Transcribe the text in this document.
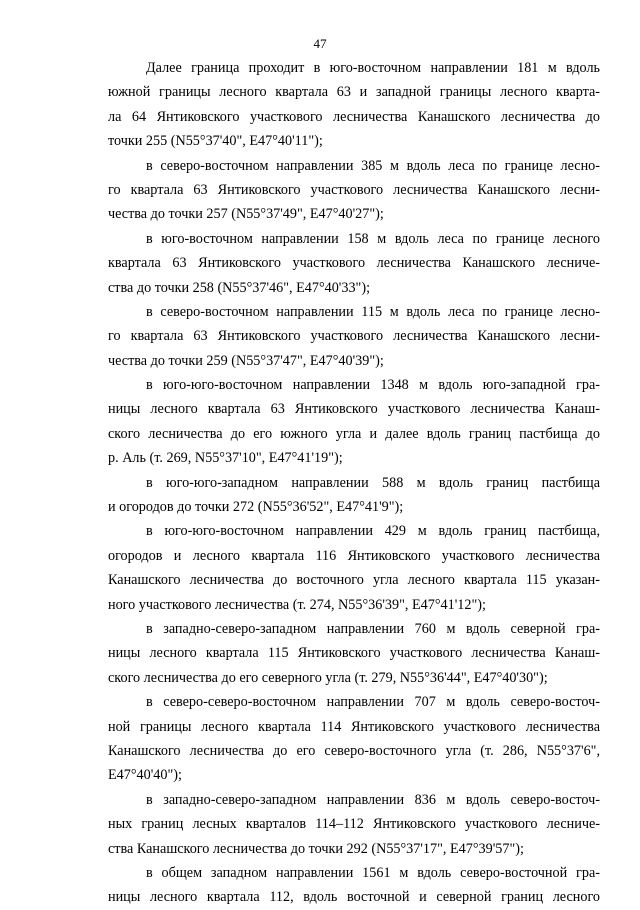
47
Далее граница проходит в юго-восточном направлении 181 м вдоль
южной границы лесного квартала 63 и западной границы лесного кварта-
ла 64 Янтиковского участкового лесничества Канашского лесничества до
точки 255 (N55°37'40", E47°40'11");
в северо-восточном направлении 385 м вдоль леса по границе лесно-
го квартала 63 Янтиковского участкового лесничества Канашского лесни-
чества до точки 257 (N55°37'49", E47°40'27");
в юго-восточном направлении 158 м вдоль леса по границе лесного
квартала 63 Янтиковского участкового лесничества Канашского лесниче-
ства до точки 258 (N55°37'46", E47°40'33");
в северо-восточном направлении 115 м вдоль леса по границе лесно-
го квартала 63 Янтиковского участкового лесничества Канашского лесни-
чества до точки 259 (N55°37'47", E47°40'39");
в юго-юго-восточном направлении 1348 м вдоль юго-западной гра-
ницы лесного квартала 63 Янтиковского участкового лесничества Канаш-
ского лесничества до его южного угла и далее вдоль границ пастбища до
р. Аль (т. 269, N55°37'10", E47°41'19");
в юго-юго-западном направлении 588 м вдоль границ пастбища
и огородов до точки 272 (N55°36'52", E47°41'9");
в юго-юго-восточном направлении 429 м вдоль границ пастбища,
огородов и лесного квартала 116 Янтиковского участкового лесничества
Канашского лесничества до восточного угла лесного квартала 115 указан-
ного участкового лесничества (т. 274, N55°36'39", E47°41'12");
в западно-северо-западном направлении 760 м вдоль северной гра-
ницы лесного квартала 115 Янтиковского участкового лесничества Канаш-
ского лесничества до его северного угла (т. 279, N55°36'44", E47°40'30");
в северо-северо-восточном направлении 707 м вдоль северо-восточ-
ной границы лесного квартала 114 Янтиковского участкового лесничества
Канашского лесничества до его северо-восточного угла (т. 286, N55°37'6",
E47°40'40");
в западно-северо-западном направлении 836 м вдоль северо-восточ-
ных границ лесных кварталов 114–112 Янтиковского участкового лесниче-
ства Канашского лесничества до точки 292 (N55°37'17", E47°39'57");
в общем западном направлении 1561 м вдоль северо-восточной гра-
ницы лесного квартала 112, вдоль восточной и северной границ лесного
